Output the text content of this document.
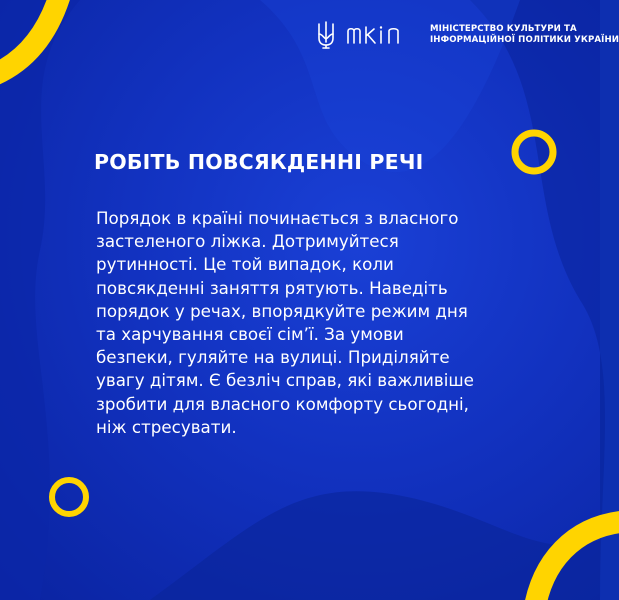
МІНІСТЕРСТВО КУЛЬТУРИ ТА
ІНФОРМАЦІЙНОЇ ПОЛІТИКИ УКРАЇНИ
РОБІТЬ ПОВСЯКДЕННІ РЕЧІ

Порядок в країні починається з власного
застеленого ліжка. Дотримуйтеся
рутинності. Це той випадок, коли
повсякденні заняття рятують. Наведіть
порядок у речах, впорядкуйте режим дня
та харчування своєї сім’ї. За умови
безпеки, гуляйте на вулиці. Приділяйте
увагу дітям. Є безліч справ, які важливіше
зробити для власного комфорту сьогодні,
ніж стресувати.
